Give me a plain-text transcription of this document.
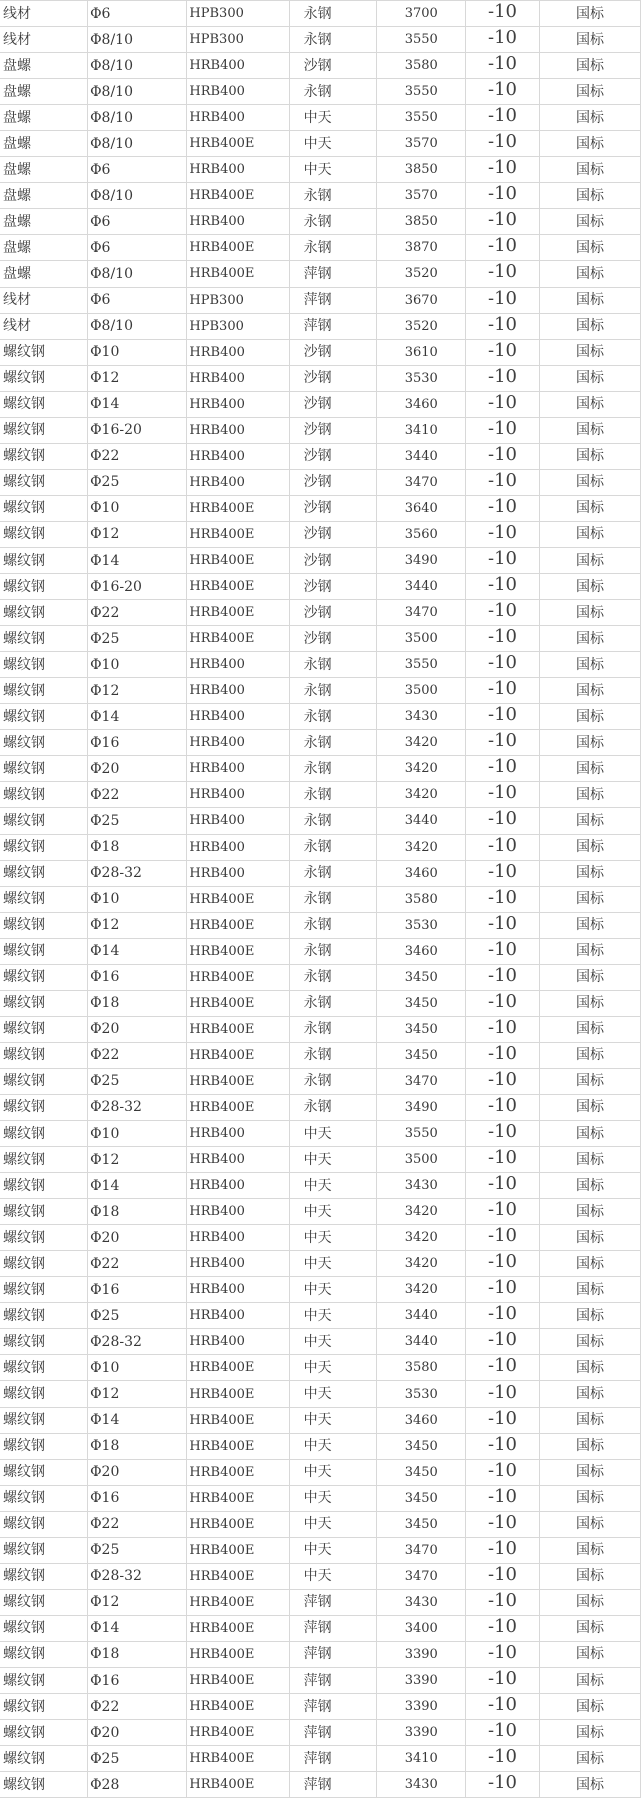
线材	Φ6	HPB300	永钢	3700	-10	国标
线材	Φ8/10	HPB300	永钢	3550	-10	国标
盘螺	Φ8/10	HRB400	沙钢	3580	-10	国标
盘螺	Φ8/10	HRB400	永钢	3550	-10	国标
盘螺	Φ8/10	HRB400	中天	3550	-10	国标
盘螺	Φ8/10	HRB400E	中天	3570	-10	国标
盘螺	Φ6	HRB400	中天	3850	-10	国标
盘螺	Φ8/10	HRB400E	永钢	3570	-10	国标
盘螺	Φ6	HRB400	永钢	3850	-10	国标
盘螺	Φ6	HRB400E	永钢	3870	-10	国标
盘螺	Φ8/10	HRB400E	萍钢	3520	-10	国标
线材	Φ6	HPB300	萍钢	3670	-10	国标
线材	Φ8/10	HPB300	萍钢	3520	-10	国标
螺纹钢	Φ10	HRB400	沙钢	3610	-10	国标
螺纹钢	Φ12	HRB400	沙钢	3530	-10	国标
螺纹钢	Φ14	HRB400	沙钢	3460	-10	国标
螺纹钢	Φ16-20	HRB400	沙钢	3410	-10	国标
螺纹钢	Φ22	HRB400	沙钢	3440	-10	国标
螺纹钢	Φ25	HRB400	沙钢	3470	-10	国标
螺纹钢	Φ10	HRB400E	沙钢	3640	-10	国标
螺纹钢	Φ12	HRB400E	沙钢	3560	-10	国标
螺纹钢	Φ14	HRB400E	沙钢	3490	-10	国标
螺纹钢	Φ16-20	HRB400E	沙钢	3440	-10	国标
螺纹钢	Φ22	HRB400E	沙钢	3470	-10	国标
螺纹钢	Φ25	HRB400E	沙钢	3500	-10	国标
螺纹钢	Φ10	HRB400	永钢	3550	-10	国标
螺纹钢	Φ12	HRB400	永钢	3500	-10	国标
螺纹钢	Φ14	HRB400	永钢	3430	-10	国标
螺纹钢	Φ16	HRB400	永钢	3420	-10	国标
螺纹钢	Φ20	HRB400	永钢	3420	-10	国标
螺纹钢	Φ22	HRB400	永钢	3420	-10	国标
螺纹钢	Φ25	HRB400	永钢	3440	-10	国标
螺纹钢	Φ18	HRB400	永钢	3420	-10	国标
螺纹钢	Φ28-32	HRB400	永钢	3460	-10	国标
螺纹钢	Φ10	HRB400E	永钢	3580	-10	国标
螺纹钢	Φ12	HRB400E	永钢	3530	-10	国标
螺纹钢	Φ14	HRB400E	永钢	3460	-10	国标
螺纹钢	Φ16	HRB400E	永钢	3450	-10	国标
螺纹钢	Φ18	HRB400E	永钢	3450	-10	国标
螺纹钢	Φ20	HRB400E	永钢	3450	-10	国标
螺纹钢	Φ22	HRB400E	永钢	3450	-10	国标
螺纹钢	Φ25	HRB400E	永钢	3470	-10	国标
螺纹钢	Φ28-32	HRB400E	永钢	3490	-10	国标
螺纹钢	Φ10	HRB400	中天	3550	-10	国标
螺纹钢	Φ12	HRB400	中天	3500	-10	国标
螺纹钢	Φ14	HRB400	中天	3430	-10	国标
螺纹钢	Φ18	HRB400	中天	3420	-10	国标
螺纹钢	Φ20	HRB400	中天	3420	-10	国标
螺纹钢	Φ22	HRB400	中天	3420	-10	国标
螺纹钢	Φ16	HRB400	中天	3420	-10	国标
螺纹钢	Φ25	HRB400	中天	3440	-10	国标
螺纹钢	Φ28-32	HRB400	中天	3440	-10	国标
螺纹钢	Φ10	HRB400E	中天	3580	-10	国标
螺纹钢	Φ12	HRB400E	中天	3530	-10	国标
螺纹钢	Φ14	HRB400E	中天	3460	-10	国标
螺纹钢	Φ18	HRB400E	中天	3450	-10	国标
螺纹钢	Φ20	HRB400E	中天	3450	-10	国标
螺纹钢	Φ16	HRB400E	中天	3450	-10	国标
螺纹钢	Φ22	HRB400E	中天	3450	-10	国标
螺纹钢	Φ25	HRB400E	中天	3470	-10	国标
螺纹钢	Φ28-32	HRB400E	中天	3470	-10	国标
螺纹钢	Φ12	HRB400E	萍钢	3430	-10	国标
螺纹钢	Φ14	HRB400E	萍钢	3400	-10	国标
螺纹钢	Φ18	HRB400E	萍钢	3390	-10	国标
螺纹钢	Φ16	HRB400E	萍钢	3390	-10	国标
螺纹钢	Φ22	HRB400E	萍钢	3390	-10	国标
螺纹钢	Φ20	HRB400E	萍钢	3390	-10	国标
螺纹钢	Φ25	HRB400E	萍钢	3410	-10	国标
螺纹钢	Φ28	HRB400E	萍钢	3430	-10	国标
